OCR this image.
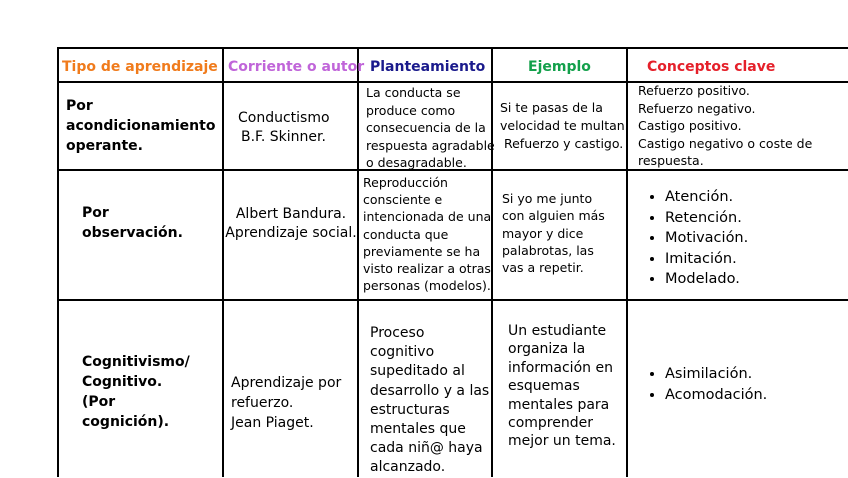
Tipo de aprendizaje Corriente o autor Planteamiento	Ejemplo	Conceptos clave
Por
acondicionamiento
operante.
Conductismo
B.F. Skinner.
La conducta se
produce como
consecuencia de la
respuesta agradable
o desagradable.
Si te pasas de la
velocidad te multan.
Refuerzo y castigo.
Refuerzo positivo.
Refuerzo negativo.
Castigo positivo.
Castigo negativo o coste de
respuesta.
Por
observación.
Albert Bandura.
Aprendizaje social.
Reproducción
consciente e
intencionada de una
conducta que
previamente se ha
visto realizar a otras
personas (modelos).
Si yo me junto
con alguien más
mayor y dice
palabrotas, las
vas a repetir.
• Atención.
• Retención.
• Motivación.
• Imitación.
• Modelado.
Cognitivismo/
Cognitivo.
(Por
cognición).
Aprendizaje por
refuerzo.
Jean Piaget.
Proceso
cognitivo
supeditado al
desarrollo y a las
estructuras
mentales que
cada niñ@ haya
alcanzado.
Un estudiante
organiza la
información en
esquemas
mentales para
comprender
mejor un tema.
• Asimilación.
• Acomodación.
